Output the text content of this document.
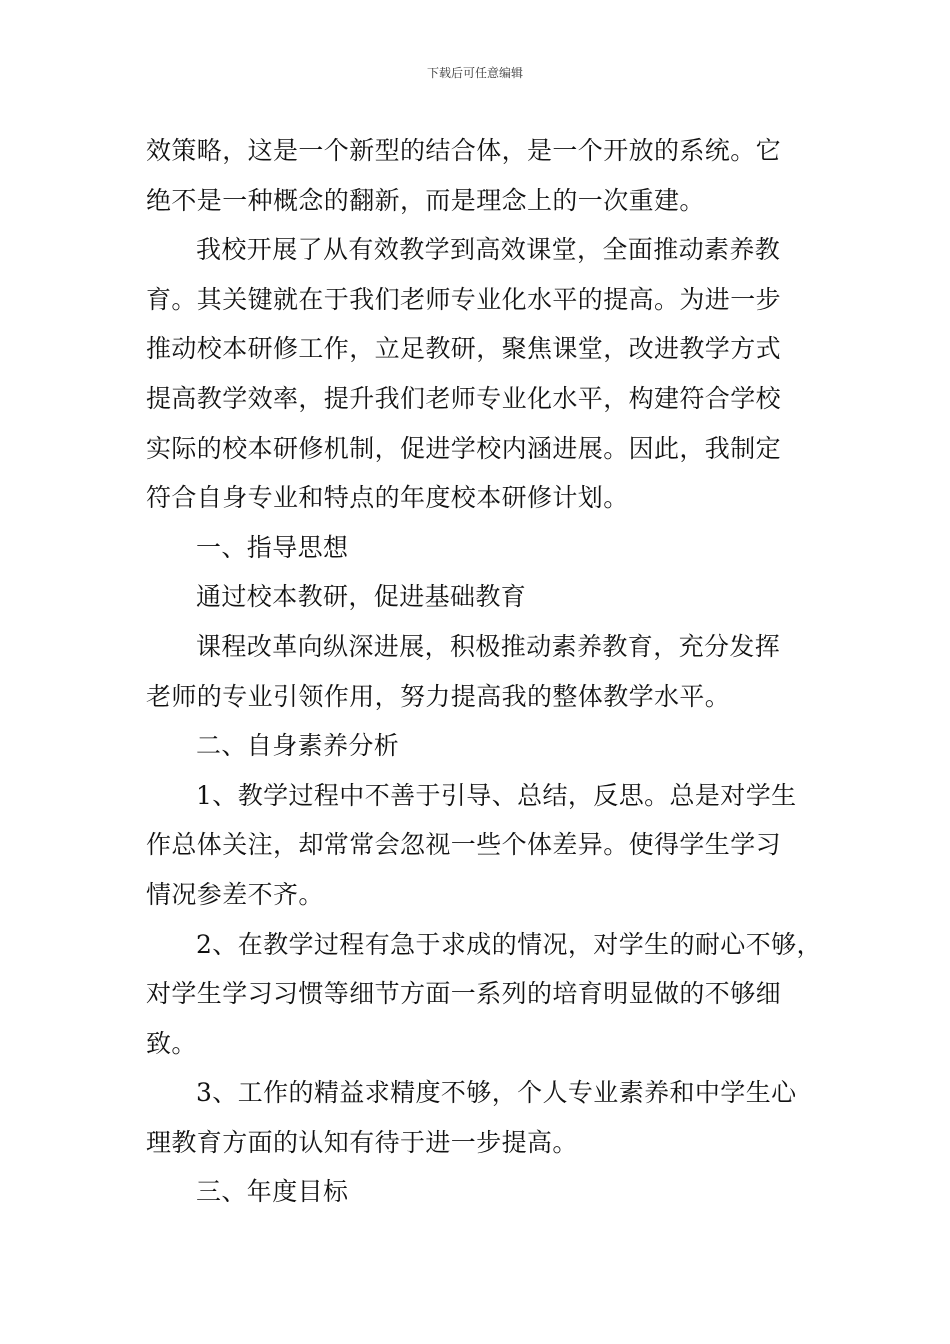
下载后可任意编辑

效策略，这是一个新型的结合体，是一个开放的系统。它
绝不是一种概念的翻新，而是理念上的一次重建。

我校开展了从有效教学到高效课堂，全面推动素养教
育。其关键就在于我们老师专业化水平的提高。为进一步
推动校本研修工作，立足教研，聚焦课堂，改进教学方式
提高教学效率，提升我们老师专业化水平，构建符合学校
实际的校本研修机制，促进学校内涵进展。因此，我制定
符合自身专业和特点的年度校本研修计划。

一、指导思想

通过校本教研，促进基础教育

课程改革向纵深进展，积极推动素养教育，充分发挥
老师的专业引领作用，努力提高我的整体教学水平。

二、自身素养分析

1、教学过程中不善于引导、总结，反思。总是对学生
作总体关注，却常常会忽视一些个体差异。使得学生学习
情况参差不齐。

2、在教学过程有急于求成的情况，对学生的耐心不够，
对学生学习习惯等细节方面一系列的培育明显做的不够细
致。

3、工作的精益求精度不够，个人专业素养和中学生心
理教育方面的认知有待于进一步提高。

三、年度目标
